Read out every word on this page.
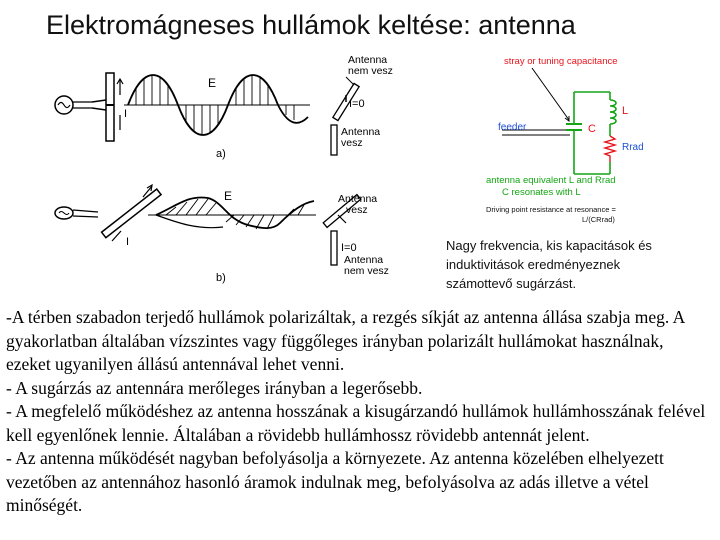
Elektromágneses hullámok keltése: antenna
I
E
I=0
Antenna
nem vesz
Antenna
vesz
a)
I
E
I=0
Antenna
vesz
Antenna
nem vesz
b)
stray or tuning capacitance
feeder	C
L
Rrad
antenna equivalent L and Rrad
C resonates with L
Driving point resistance at resonance =
L/(CRrad)
Nagy frekvencia, kis kapacitások és
induktivitások eredményeznek
számottevő sugárzást.

-A térben szabadon terjedő hullámok polarizáltak, a rezgés síkját az antenna állása szabja meg. A gyakorlatban általában vízszintes vagy függőleges irányban polarizált hullámokat használnak, ezeket ugyanilyen állású antennával lehet venni.

- A sugárzás az antennára merőleges irányban a legerősebb.

- A megfelelő működéshez az antenna hosszának a kisugárzandó hullámok hullámhosszának felével kell egyenlőnek lennie. Általában a rövidebb hullámhossz rövidebb antennát jelent.

- Az antenna működését nagyban befolyásolja a környezete. Az antenna közelében elhelyezett vezetőben az antennához hasonló áramok indulnak meg, befolyásolva az adás illetve a vétel minőségét.
